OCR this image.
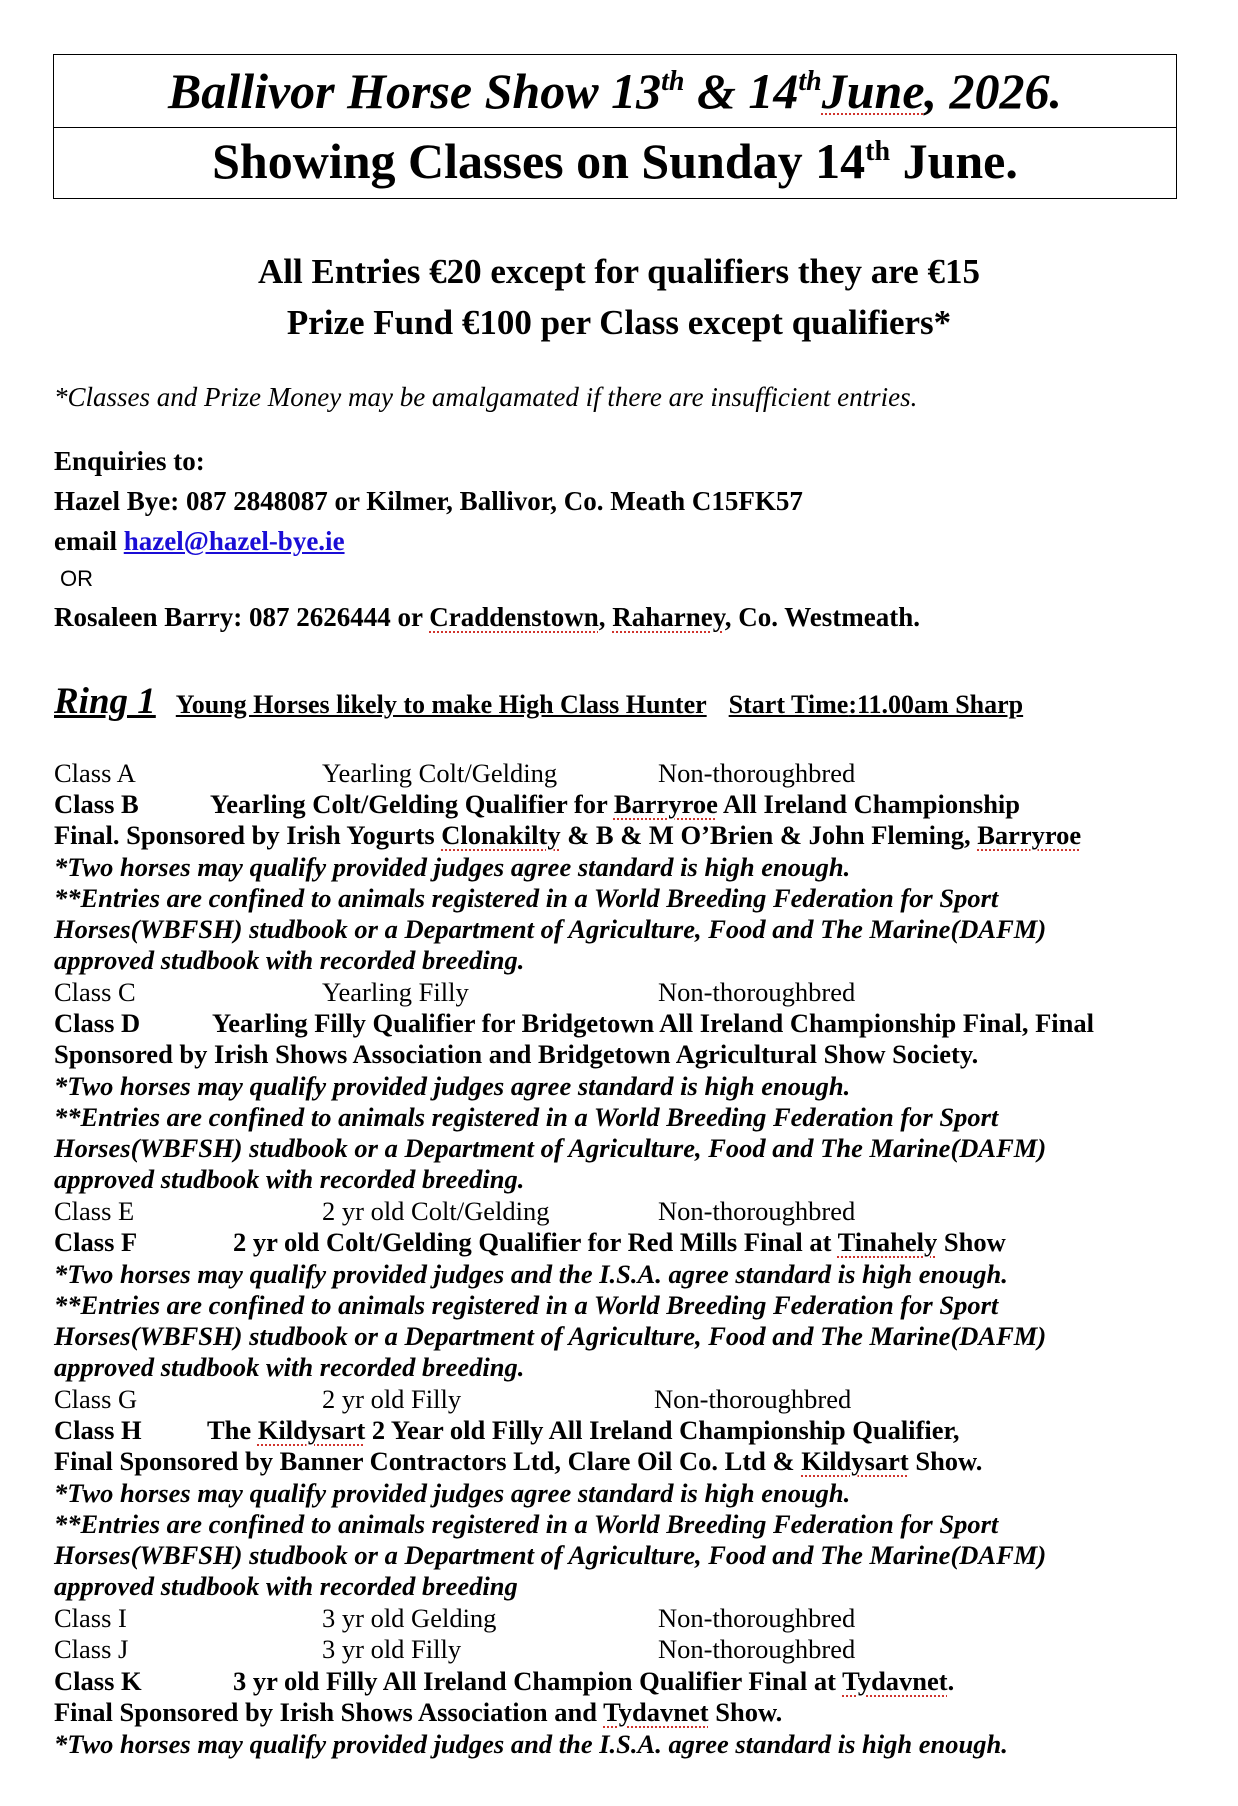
Ballivor Horse Show 13th & 14thJune, 2026.
Showing Classes on Sunday 14th June.
All Entries €20 except for qualifiers they are €15
Prize Fund €100 per Class except qualifiers*
*Classes and Prize Money may be amalgamated if there are insufficient entries.
Enquiries to:
Hazel Bye: 087 2848087 or Kilmer, Ballivor, Co. Meath C15FK57
email hazel@hazel-bye.ie
OR
Rosaleen Barry: 087 2626444 or Craddenstown, Raharney, Co. Westmeath.
Ring 1 Young Horses likely to make High Class Hunter Start Time:11.00am Sharp
Class A	Yearling Colt/Gelding	Non-thoroughbred
Class B	Yearling Colt/Gelding Qualifier for Barryroe All Ireland Championship
Final. Sponsored by Irish Yogurts Clonakilty & B & M O’Brien & John Fleming, Barryroe
*Two horses may qualify provided judges agree standard is high enough.
**Entries are confined to animals registered in a World Breeding Federation for Sport
Horses(WBFSH) studbook or a Department of Agriculture, Food and The Marine(DAFM)
approved studbook with recorded breeding.
Class C	Yearling Filly	Non-thoroughbred
Class D	Yearling Filly Qualifier for Bridgetown All Ireland Championship Final, Final
Sponsored by Irish Shows Association and Bridgetown Agricultural Show Society.
*Two horses may qualify provided judges agree standard is high enough.
**Entries are confined to animals registered in a World Breeding Federation for Sport
Horses(WBFSH) studbook or a Department of Agriculture, Food and The Marine(DAFM)
approved studbook with recorded breeding.
Class E	2 yr old Colt/Gelding	Non-thoroughbred
Class F	2 yr old Colt/Gelding Qualifier for Red Mills Final at Tinahely Show
*Two horses may qualify provided judges and the I.S.A. agree standard is high enough.
**Entries are confined to animals registered in a World Breeding Federation for Sport
Horses(WBFSH) studbook or a Department of Agriculture, Food and The Marine(DAFM)
approved studbook with recorded breeding.
Class G	2 yr old Filly	Non-thoroughbred
Class H The Kildysart 2 Year old Filly All Ireland Championship Qualifier,
Final Sponsored by Banner Contractors Ltd, Clare Oil Co. Ltd & Kildysart Show.
*Two horses may qualify provided judges agree standard is high enough.
**Entries are confined to animals registered in a World Breeding Federation for Sport
Horses(WBFSH) studbook or a Department of Agriculture, Food and The Marine(DAFM)
approved studbook with recorded breeding
Class I	3 yr old Gelding	Non-thoroughbred
Class J	3 yr old Filly	Non-thoroughbred
Class K	3 yr old Filly All Ireland Champion Qualifier Final at Tydavnet.
Final Sponsored by Irish Shows Association and Tydavnet Show.
*Two horses may qualify provided judges and the I.S.A. agree standard is high enough.
